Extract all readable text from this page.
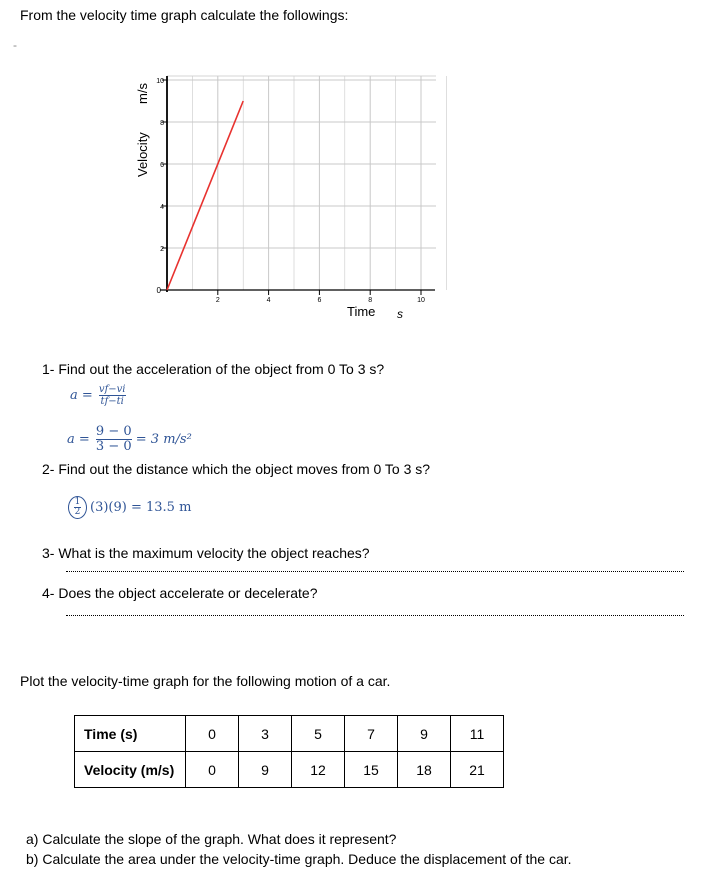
From the velocity time graph calculate the followings:
-
10
8
6
4
2
2	4	6	8	10
0
Velocity
m/s
Time s
1- Find out the acceleration of the object from 0 To 3 s?
$a = \frac{vf-vi}{tf-ti}$
$a = \frac{9 - 0}{3 - 0} = 3$ m/s²
2- Find out the distance which the object moves from 0 To 3 s?
$\frac{1}{2} (3)(9) = 13.5$ m
3- What is the maximum velocity the object reaches?
4- Does the object accelerate or decelerate?
Plot the velocity-time graph for the following motion of a car.
Time (s)	0	3	5	7	9	11
Velocity (m/s)	0	9	12	15	18	21
a) Calculate the slope of the graph. What does it represent?
b) Calculate the area under the velocity-time graph. Deduce the displacement of the car.
